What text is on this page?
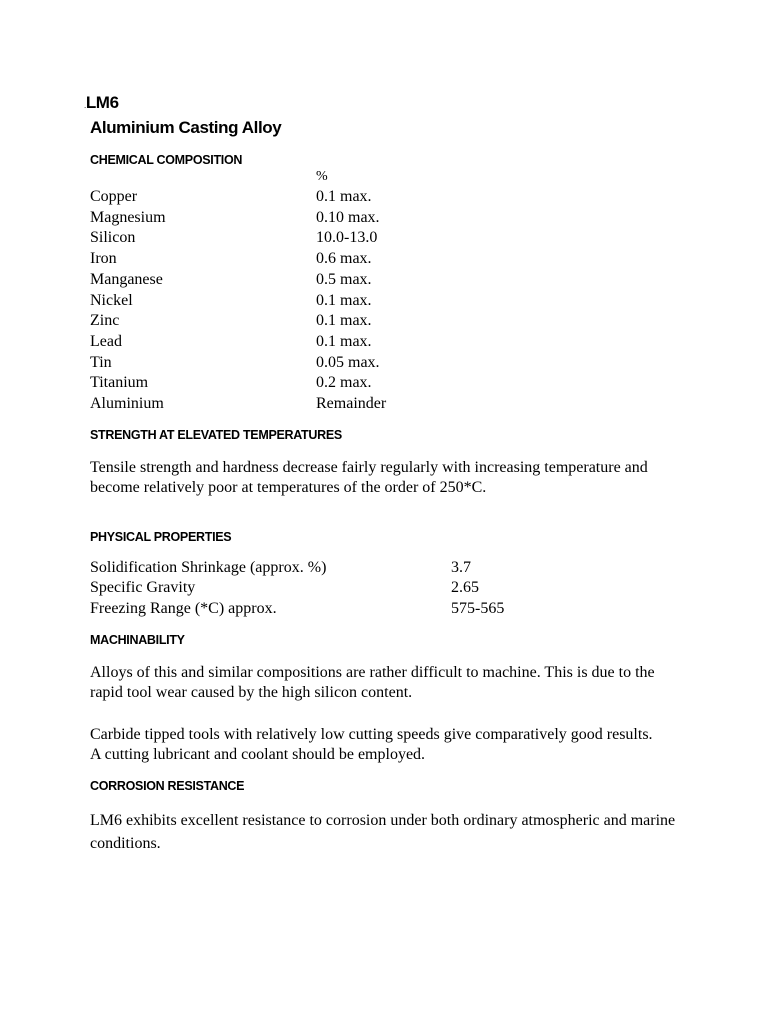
.LM6
Aluminium Casting Alloy
CHEMICAL COMPOSITION
%
Copper	0.1 max.
Magnesium	0.10 max.
Silicon	10.0-13.0
Iron	0.6 max.
Manganese	0.5 max.
Nickel	0.1 max.
Zinc	0.1 max.
Lead	0.1 max.
Tin	0.05 max.
Titanium	0.2 max.
Aluminium	Remainder
STRENGTH AT ELEVATED TEMPERATURES
Tensile strength and hardness decrease fairly regularly with increasing temperature and become relatively poor at temperatures of the order of 250*C.
PHYSICAL PROPERTIES
Solidification Shrinkage (approx. %)	3.7
Specific Gravity	2.65
Freezing Range (*C) approx.	575-565
MACHINABILITY
Alloys of this and similar compositions are rather difficult to machine. This is due to the rapid tool wear caused by the high silicon content.
Carbide tipped tools with relatively low cutting speeds give comparatively good results.
A cutting lubricant and coolant should be employed.
CORROSION RESISTANCE
LM6 exhibits excellent resistance to corrosion under both ordinary atmospheric and marine conditions.
